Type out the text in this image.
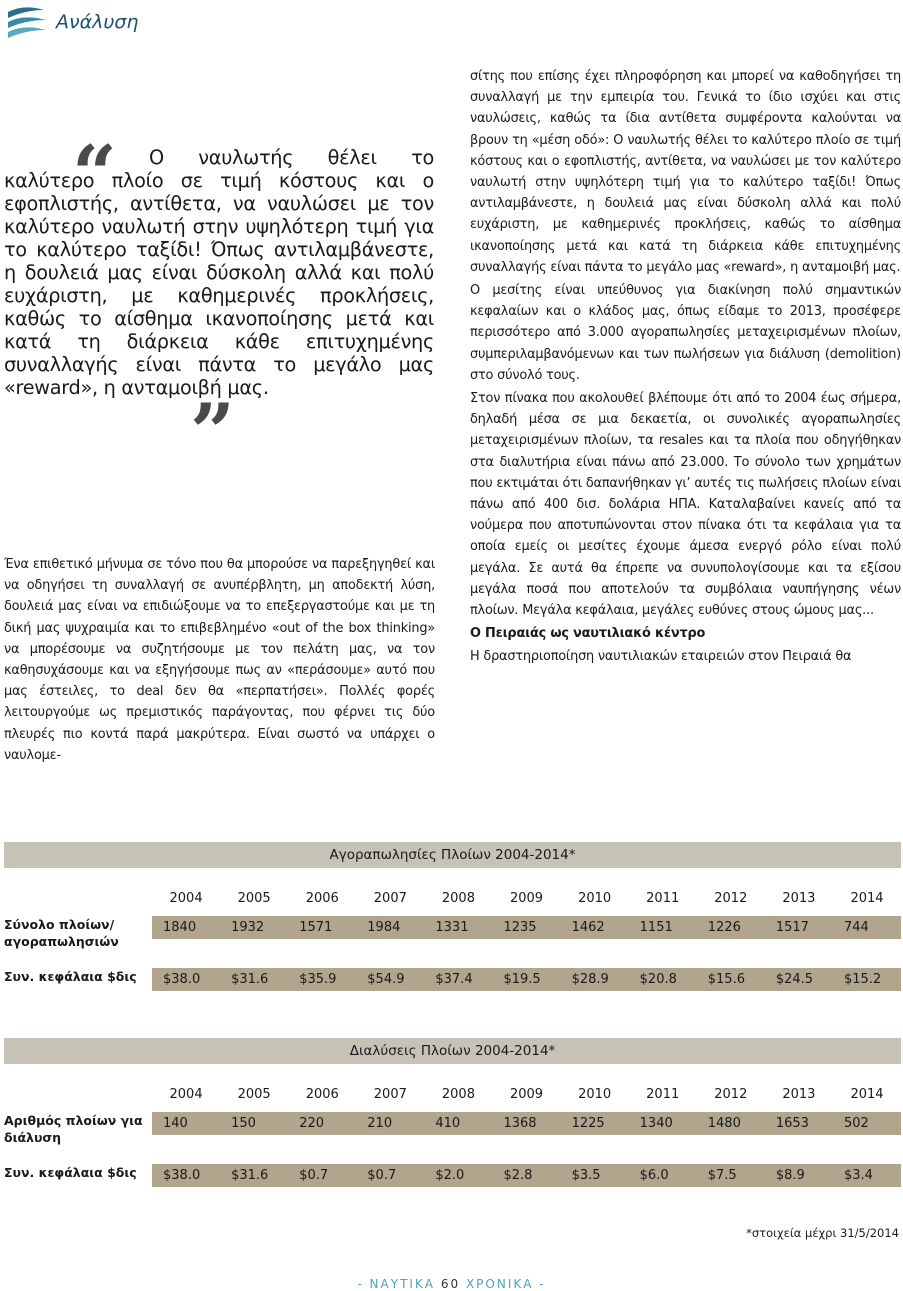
Ανάλυση
“	Ο ναυλωτής θέλει το καλύτερο πλοίο σε τιμή κόστους και ο εφοπλιστής, αντίθετα, να ναυλώσει με τον καλύτερο ναυλωτή στην υψηλότερη τιμή για το καλύτερο ταξίδι! Όπως αντιλαμβάνεστε, η δουλειά μας είναι δύσκολη αλλά και πολύ ευχάριστη, με καθημερινές προκλήσεις, καθώς το αίσθημα ικανοποίησης μετά και κατά τη διάρκεια κάθε επιτυχημένης συναλλαγής είναι πάντα το μεγάλο μας «reward», η ανταμοιβή μας.
”

Ένα επιθετικό μήνυμα σε τόνο που θα μπορούσε να παρεξηγηθεί και να οδηγήσει τη συναλλαγή σε ανυπέρβλητη, μη αποδεκτή λύση, δουλειά μας είναι να επιδιώξουμε να το επεξεργαστούμε και με τη δική μας ψυχραιμία και το επιβεβλημένο «out of the box thinking» να μπορέσουμε να συζητήσουμε με τον πελάτη μας, να τον καθησυχάσουμε και να εξηγήσουμε πως αν «περάσουμε» αυτό που μας έστειλες, το deal δεν θα «περπατήσει». Πολλές φορές λειτουργούμε ως πρεμιστικός παράγοντας, που φέρνει τις δύο πλευρές πιο κοντά παρά μακρύτερα. Είναι σωστό να υπάρχει ο ναυλομε-

σίτης που επίσης έχει πληροφόρηση και μπορεί να καθοδηγήσει τη συναλλαγή με την εμπειρία του. Γενικά το ίδιο ισχύει και στις ναυλώσεις, καθώς τα ίδια αντίθετα συμφέροντα καλούνται να βρουν τη «μέση οδό»: Ο ναυλωτής θέλει το καλύτερο πλοίο σε τιμή κόστους και ο εφοπλιστής, αντίθετα, να ναυλώσει με τον καλύτερο ναυλωτή στην υψηλότερη τιμή για το καλύτερο ταξίδι! Όπως αντιλαμβάνεστε, η δουλειά μας είναι δύσκολη αλλά και πολύ ευχάριστη, με καθημερινές προκλήσεις, καθώς το αίσθημα ικανοποίησης μετά και κατά τη διάρκεια κάθε επιτυχημένης συναλλαγής είναι πάντα το μεγάλο μας «reward», η ανταμοιβή μας.

Ο μεσίτης είναι υπεύθυνος για διακίνηση πολύ σημαντικών κεφαλαίων και ο κλάδος μας, όπως είδαμε το 2013, προσέφερε περισσότερο από 3.000 αγοραπωλησίες μεταχειρισμένων πλοίων, συμπεριλαμβανόμενων και των πωλήσεων για διάλυση (demolition) στο σύνολό τους.

Στον πίνακα που ακολουθεί βλέπουμε ότι από το 2004 έως σήμερα, δηλαδή μέσα σε μια δεκαετία, οι συνολικές αγοραπωλησίες μεταχειρισμένων πλοίων, τα resales και τα πλοία που οδηγήθηκαν στα διαλυτήρια είναι πάνω από 23.000. Το σύνολο των χρημάτων που εκτιμάται ότι δαπανήθηκαν γι’ αυτές τις πωλήσεις πλοίων είναι πάνω από 400 δισ. δολάρια ΗΠΑ. Καταλαβαίνει κανείς από τα νούμερα που αποτυπώνονται στον πίνακα ότι τα κεφάλαια για τα οποία εμείς οι μεσίτες έχουμε άμεσα ενεργό ρόλο είναι πολύ μεγάλα. Σε αυτά θα έπρεπε να συνυπολογίσουμε και τα εξίσου μεγάλα ποσά που αποτελούν τα συμβόλαια ναυπήγησης νέων πλοίων. Μεγάλα κεφάλαια, μεγάλες ευθύνες στους ώμους μας...

Ο Πειραιάς ως ναυτιλιακό κέντρο

Η δραστηριοποίηση ναυτιλιακών εταιρειών στον Πειραιά θα

Αγοραπωλησίες Πλοίων 2004-2014*
2004	2005	2006	2007	2008	2009	2010	2011	2012	2013	2014
Σύνολο πλοίων/ αγοραπωλησιών
1840	1932	1571	1984	1331	1235	1462	1151	1226	1517	744
Συν. κεφάλαια $δις	$38.0	$31.6	$35.9	$54.9	$37.4	$19.5	$28.9	$20.8	$15.6	$24.5	$15.2
Διαλύσεις Πλοίων 2004-2014*
2004	2005	2006	2007	2008	2009	2010	2011	2012	2013	2014
Αριθμός πλοίων για διάλυση
140	150	220	210	410	1368	1225	1340	1480	1653	502
Συν. κεφάλαια $δις	$38.0	$31.6	$0.7	$0.7	$2.0	$2.8	$3.5	$6.0	$7.5	$8.9	$3.4
*στοιχεία μέχρι 31/5/2014
- ΝΑΥΤΙΚΑ 60 ΧΡΟΝΙΚΑ -
